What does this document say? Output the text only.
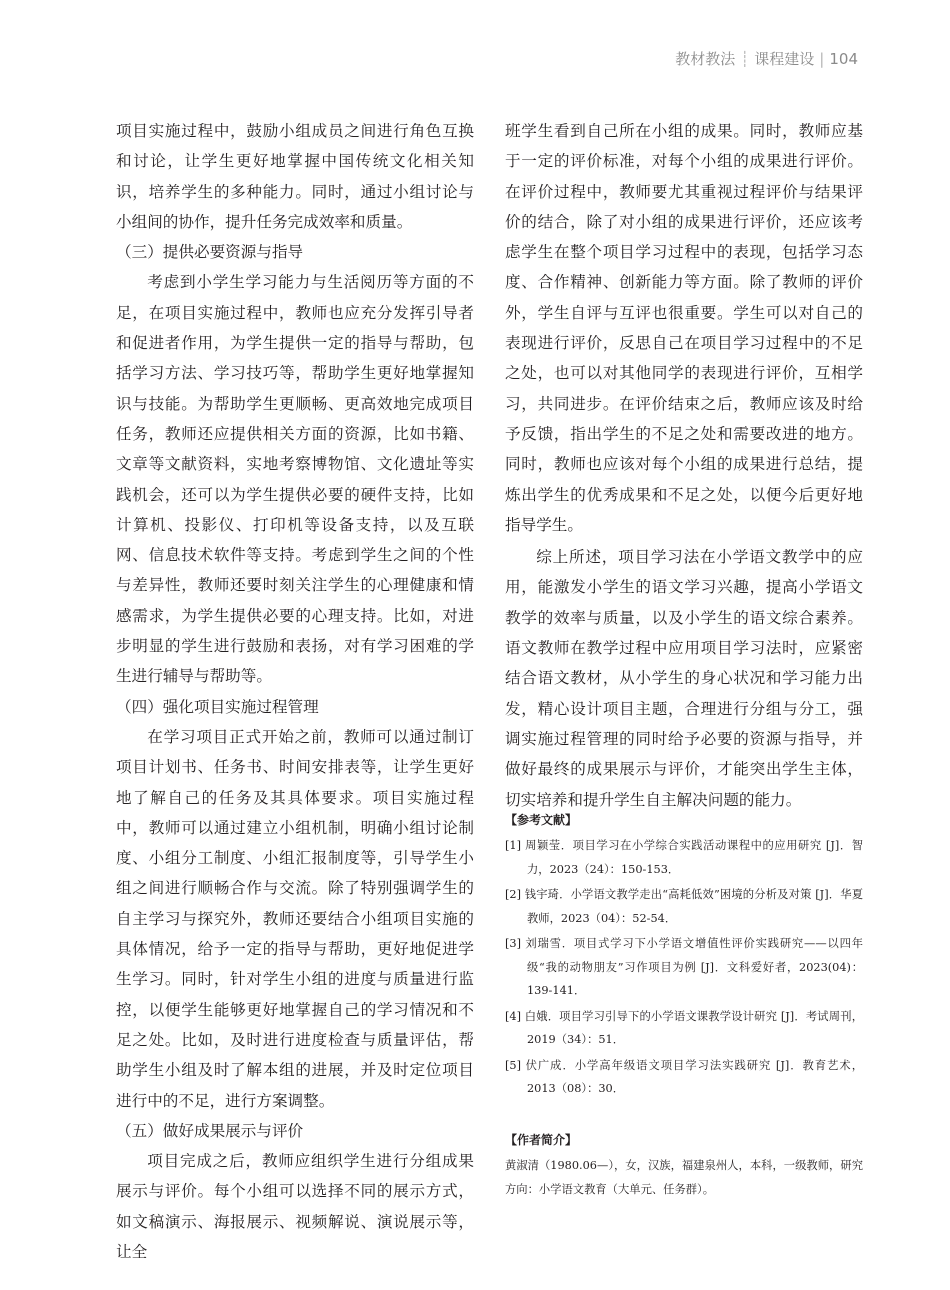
教材教法 ┊ 课程建设 | 104

项目实施过程中，鼓励小组成员之间进行角色互换和讨论，让学生更好地掌握中国传统文化相关知识，培养学生的多种能力。同时，通过小组讨论与小组间的协作，提升任务完成效率和质量。

（三）提供必要资源与指导

考虑到小学生学习能力与生活阅历等方面的不足，在项目实施过程中，教师也应充分发挥引导者和促进者作用，为学生提供一定的指导与帮助，包括学习方法、学习技巧等，帮助学生更好地掌握知识与技能。为帮助学生更顺畅、更高效地完成项目任务，教师还应提供相关方面的资源，比如书籍、文章等文献资料，实地考察博物馆、文化遗址等实践机会，还可以为学生提供必要的硬件支持，比如计算机、投影仪、打印机等设备支持，以及互联网、信息技术软件等支持。考虑到学生之间的个性与差异性，教师还要时刻关注学生的心理健康和情感需求，为学生提供必要的心理支持。比如，对进步明显的学生进行鼓励和表扬，对有学习困难的学生进行辅导与帮助等。

（四）强化项目实施过程管理

在学习项目正式开始之前，教师可以通过制订项目计划书、任务书、时间安排表等，让学生更好地了解自己的任务及其具体要求。项目实施过程中，教师可以通过建立小组机制，明确小组讨论制度、小组分工制度、小组汇报制度等，引导学生小组之间进行顺畅合作与交流。除了特别强调学生的自主学习与探究外，教师还要结合小组项目实施的具体情况，给予一定的指导与帮助，更好地促进学生学习。同时，针对学生小组的进度与质量进行监控，以便学生能够更好地掌握自己的学习情况和不足之处。比如，及时进行进度检查与质量评估，帮助学生小组及时了解本组的进展，并及时定位项目进行中的不足，进行方案调整。

（五）做好成果展示与评价

项目完成之后，教师应组织学生进行分组成果展示与评价。每个小组可以选择不同的展示方式，如文稿演示、海报展示、视频解说、演说展示等，让全

班学生看到自己所在小组的成果。同时，教师应基于一定的评价标准，对每个小组的成果进行评价。在评价过程中，教师要尤其重视过程评价与结果评价的结合，除了对小组的成果进行评价，还应该考虑学生在整个项目学习过程中的表现，包括学习态度、合作精神、创新能力等方面。除了教师的评价外，学生自评与互评也很重要。学生可以对自己的表现进行评价，反思自己在项目学习过程中的不足之处，也可以对其他同学的表现进行评价，互相学习，共同进步。在评价结束之后，教师应该及时给予反馈，指出学生的不足之处和需要改进的地方。同时，教师也应该对每个小组的成果进行总结，提炼出学生的优秀成果和不足之处，以便今后更好地指导学生。

综上所述，项目学习法在小学语文教学中的应用，能激发小学生的语文学习兴趣，提高小学语文教学的效率与质量，以及小学生的语文综合素养。语文教师在教学过程中应用项目学习法时，应紧密结合语文教材，从小学生的身心状况和学习能力出发，精心设计项目主题，合理进行分组与分工，强调实施过程管理的同时给予必要的资源与指导，并做好最终的成果展示与评价，才能突出学生主体，切实培养和提升学生自主解决问题的能力。

【参考文献】
[1] 周颖莹．项目学习在小学综合实践活动课程中的应用研究 [J]．智力，2023（24）：150-153．
[2] 钱宇琦．小学语文教学走出“高耗低效”困境的分析及对策 [J]．华夏教师，2023（04）：52-54．
[3] 刘瑞雪．项目式学习下小学语文增值性评价实践研究——以四年级“我的动物朋友”习作项目为例 [J]．文科爱好者，2023(04)：139-141．
[4] 白娥．项目学习引导下的小学语文课教学设计研究 [J]．考试周刊，2019（34）：51．
[5] 伏广成．小学高年级语文项目学习法实践研究 [J]．教育艺术，2013（08）：30．
【作者简介】
黄淑清（1980.06—），女，汉族，福建泉州人，本科，一级教师，研究方向：小学语文教育（大单元、任务群）。
